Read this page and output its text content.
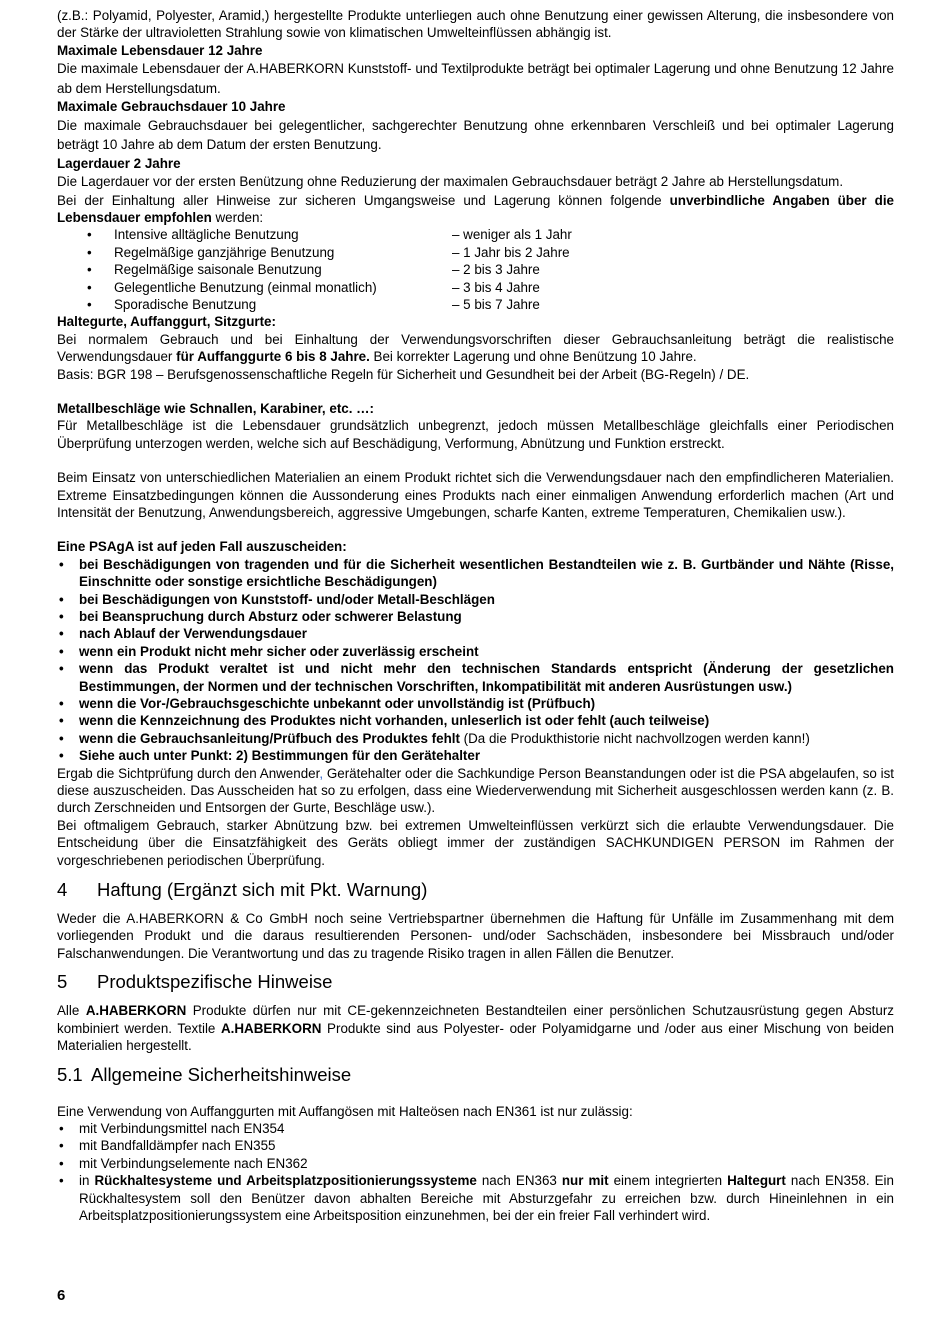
(z.B.: Polyamid, Polyester, Aramid,) hergestellte Produkte unterliegen auch ohne Benutzung einer gewissen Alterung, die insbesondere von der Stärke der ultravioletten Strahlung sowie von klimatischen Umwelteinflüssen abhängig ist.

Maximale Lebensdauer 12 Jahre

Die maximale Lebensdauer der A.HABERKORN Kunststoff- und Textilprodukte beträgt bei optimaler Lagerung und ohne Benutzung 12 Jahre ab dem Herstellungsdatum.

Maximale Gebrauchsdauer 10 Jahre

Die maximale Gebrauchsdauer bei gelegentlicher, sachgerechter Benutzung ohne erkennbaren Verschleiß und bei optimaler Lagerung beträgt 10 Jahre ab dem Datum der ersten Benutzung.

Lagerdauer 2 Jahre

Die Lagerdauer vor der ersten Benützung ohne Reduzierung der maximalen Gebrauchsdauer beträgt 2 Jahre ab Herstellungsdatum.

Bei der Einhaltung aller Hinweise zur sicheren Umgangsweise und Lagerung können folgende unverbindliche Angaben über die Lebensdauer empfohlen werden:

• Intensive alltägliche Benutzung	– weniger als 1 Jahr
• Regelmäßige ganzjährige Benutzung	– 1 Jahr bis 2 Jahre
• Regelmäßige saisonale Benutzung	– 2 bis 3 Jahre
• Gelegentliche Benutzung (einmal monatlich)	– 3 bis 4 Jahre
• Sporadische Benutzung	– 5 bis 7 Jahre

Haltegurte, Auffanggurt, Sitzgurte:

Bei normalem Gebrauch und bei Einhaltung der Verwendungsvorschriften dieser Gebrauchsanleitung beträgt die realistische Verwendungsdauer für Auffanggurte 6 bis 8 Jahre. Bei korrekter Lagerung und ohne Benützung 10 Jahre.

Basis: BGR 198 – Berufsgenossenschaftliche Regeln für Sicherheit und Gesundheit bei der Arbeit (BG-Regeln) / DE.

Metallbeschläge wie Schnallen, Karabiner, etc. …:

Für Metallbeschläge ist die Lebensdauer grundsätzlich unbegrenzt, jedoch müssen Metallbeschläge gleichfalls einer Periodischen Überprüfung unterzogen werden, welche sich auf Beschädigung, Verformung, Abnützung und Funktion erstreckt.

Beim Einsatz von unterschiedlichen Materialien an einem Produkt richtet sich die Verwendungsdauer nach den empfindlicheren Materialien. Extreme Einsatzbedingungen können die Aussonderung eines Produkts nach einer einmaligen Anwendung erforderlich machen (Art und Intensität der Benutzung, Anwendungsbereich, aggressive Umgebungen, scharfe Kanten, extreme Temperaturen, Chemikalien usw.).

Eine PSAgA ist auf jeden Fall auszuscheiden:

• bei Beschädigungen von tragenden und für die Sicherheit wesentlichen Bestandteilen wie z. B. Gurtbänder und Nähte (Risse, Einschnitte oder sonstige ersichtliche Beschädigungen)
• bei Beschädigungen von Kunststoff- und/oder Metall-Beschlägen
• bei Beanspruchung durch Absturz oder schwerer Belastung
• nach Ablauf der Verwendungsdauer
• wenn ein Produkt nicht mehr sicher oder zuverlässig erscheint
• wenn das Produkt veraltet ist und nicht mehr den technischen Standards entspricht (Änderung der gesetzlichen Bestimmungen, der Normen und der technischen Vorschriften, Inkompatibilität mit anderen Ausrüstungen usw.)
• wenn die Vor-/Gebrauchsgeschichte unbekannt oder unvollständig ist (Prüfbuch)
• wenn die Kennzeichnung des Produktes nicht vorhanden, unleserlich ist oder fehlt (auch teilweise)
• wenn die Gebrauchsanleitung/Prüfbuch des Produktes fehlt (Da die Produkthistorie nicht nachvollzogen werden kann!)
• Siehe auch unter Punkt: 2) Bestimmungen für den Gerätehalter

Ergab die Sichtprüfung durch den Anwender, Gerätehalter oder die Sachkundige Person Beanstandungen oder ist die PSA abgelaufen, so ist diese auszuscheiden. Das Ausscheiden hat so zu erfolgen, dass eine Wiederverwendung mit Sicherheit ausgeschlossen werden kann (z. B. durch Zerschneiden und Entsorgen der Gurte, Beschläge usw.).

Bei oftmaligem Gebrauch, starker Abnützung bzw. bei extremen Umwelteinflüssen verkürzt sich die erlaubte Verwendungsdauer. Die Entscheidung über die Einsatzfähigkeit des Geräts obliegt immer der zuständigen SACHKUNDIGEN PERSON im Rahmen der vorgeschriebenen periodischen Überprüfung.

4 Haftung (Ergänzt sich mit Pkt. Warnung)

Weder die A.HABERKORN & Co GmbH noch seine Vertriebspartner übernehmen die Haftung für Unfälle im Zusammenhang mit dem vorliegenden Produkt und die daraus resultierenden Personen- und/oder Sachschäden, insbesondere bei Missbrauch und/oder Falschanwendungen. Die Verantwortung und das zu tragende Risiko tragen in allen Fällen die Benutzer.

5 Produktspezifische Hinweise

Alle A.HABERKORN Produkte dürfen nur mit CE-gekennzeichneten Bestandteilen einer persönlichen Schutzausrüstung gegen Absturz kombiniert werden. Textile A.HABERKORN Produkte sind aus Polyester- oder Polyamidgarne und /oder aus einer Mischung von beiden Materialien hergestellt.

5.1 Allgemeine Sicherheitshinweise

Eine Verwendung von Auffanggurten mit Auffangösen mit Halteösen nach EN361 ist nur zulässig:

• mit Verbindungsmittel nach EN354
• mit Bandfalldämpfer nach EN355
• mit Verbindungselemente nach EN362
• in Rückhaltesysteme und Arbeitsplatzpositionierungssysteme nach EN363 nur mit einem integrierten Haltegurt nach EN358. Ein Rückhaltesystem soll den Benützer davon abhalten Bereiche mit Absturzgefahr zu erreichen bzw. durch Hineinlehnen in ein Arbeitsplatzpositionierungssystem eine Arbeitsposition einzunehmen, bei der ein freier Fall verhindert wird.
6
